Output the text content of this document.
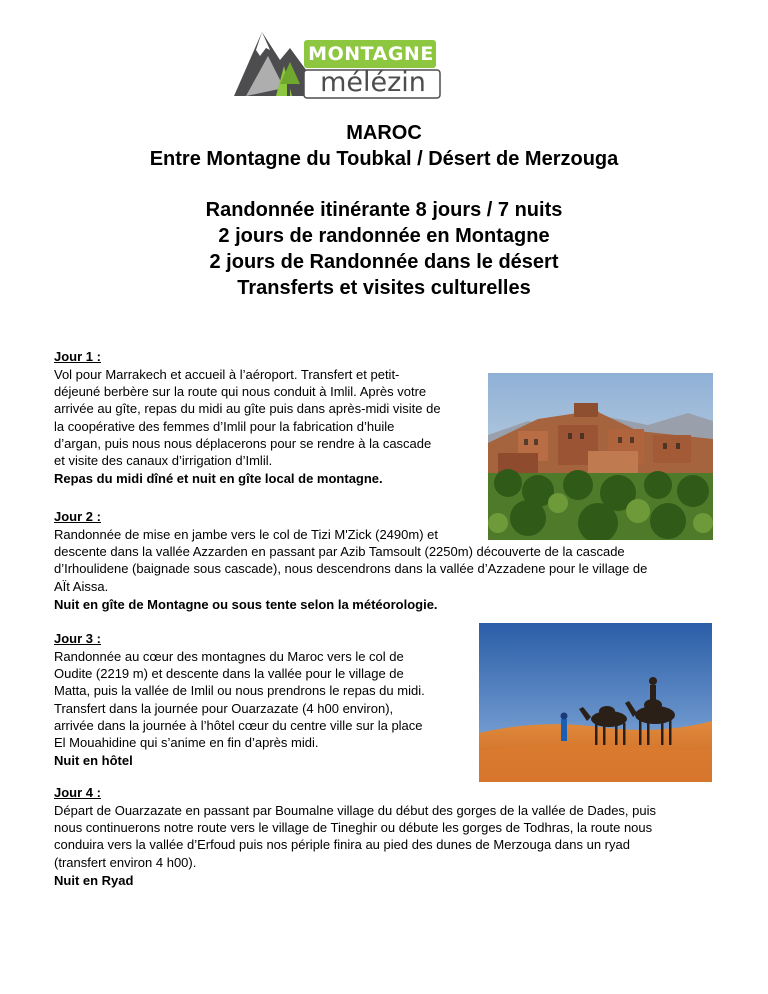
MONTAGNE
mélézin
MAROC
Entre Montagne du Toubkal / Désert de Merzouga
Randonnée itinérante 8 jours / 7 nuits
2 jours de randonnée en Montagne
2 jours de Randonnée dans le désert
Transferts et visites culturelles
Jour 1 :
Vol pour Marrakech et accueil à l’aéroport. Transfert et petit-
déjeuné berbère sur la route qui nous conduit à Imlil. Après votre
arrivée au gîte, repas du midi au gîte puis dans après-midi visite de
la coopérative des femmes d’Imlil pour la fabrication d’huile
d’argan, puis nous nous déplacerons pour se rendre à la cascade
et visite des canaux d’irrigation d’Imlil.
Repas du midi dîné et nuit en gîte local de montagne.
Jour 2 :
Randonnée de mise en jambe vers le col de Tizi M'Zick (2490m) et
descente dans la vallée Azzarden en passant par Azib Tamsoult (2250m) découverte de la cascade
d’Irhoulidene (baignade sous cascade), nous descendrons dans la vallée d’Azzadene pour le village de
AÏt Aissa.
Nuit en gîte de Montagne ou sous tente selon la météorologie.
Jour 3 :
Randonnée au cœur des montagnes du Maroc vers le col de
Oudite (2219 m) et descente dans la vallée pour le village de
Matta, puis la vallée de Imlil ou nous prendrons le repas du midi.
Transfert dans la journée pour Ouarzazate (4 h00 environ),
arrivée dans la journée à l’hôtel cœur du centre ville sur la place
El Mouahidine qui s’anime en fin d’après midi.
Nuit en hôtel
Jour 4 :
Départ de Ouarzazate en passant par Boumalne village du début des gorges de la vallée de Dades, puis
nous continuerons notre route vers le village de Tineghir ou débute les gorges de Todhras, la route nous
conduira vers la vallée d’Erfoud puis nos périple finira au pied des dunes de Merzouga dans un ryad
(transfert environ 4 h00).
Nuit en Ryad
